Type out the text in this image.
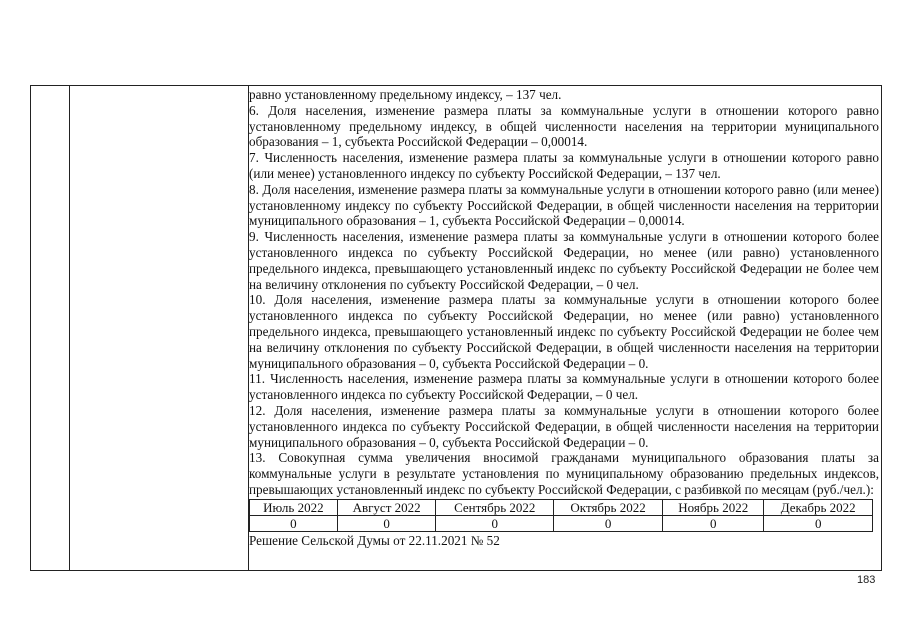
равно установленному предельному индексу, – 137 чел.

6. Доля населения, изменение размера платы за коммунальные услуги в отношении которого равно установленному предельному индексу, в общей численности населения на территории муниципального образования – 1, субъекта Российской Федерации – 0,00014.

7. Численность населения, изменение размера платы за коммунальные услуги в отношении которого равно (или менее) установленного индексу по субъекту Российской Федерации, – 137 чел.

8. Доля населения, изменение размера платы за коммунальные услуги в отношении которого равно (или менее) установленному индексу по субъекту Российской Федерации, в общей численности населения на территории муниципального образования – 1, субъекта Российской Федерации – 0,00014.

9. Численность населения, изменение размера платы за коммунальные услуги в отношении которого более установленного индекса по субъекту Российской Федерации, но менее (или равно) установленного предельного индекса, превышающего установленный индекс по субъекту Российской Федерации не более чем на величину отклонения по субъекту Российской Федерации, – 0 чел.

10. Доля населения, изменение размера платы за коммунальные услуги в отношении которого более установленного индекса по субъекту Российской Федерации, но менее (или равно) установленного предельного индекса, превышающего установленный индекс по субъекту Российской Федерации не более чем на величину отклонения по субъекту Российской Федерации, в общей численности населения на территории муниципального образования – 0, субъекта Российской Федерации – 0.

11. Численность населения, изменение размера платы за коммунальные услуги в отношении которого более установленного индекса по субъекту Российской Федерации, – 0 чел.

12. Доля населения, изменение размера платы за коммунальные услуги в отношении которого более установленного индекса по субъекту Российской Федерации, в общей численности населения на территории муниципального образования – 0, субъекта Российской Федерации – 0.

13. Совокупная сумма увеличения вносимой гражданами муниципального образования платы за коммунальные услуги в результате установления по муниципальному образованию предельных индексов, превышающих установленный индекс по субъекту Российской Федерации, с разбивкой по месяцам (руб./чел.):

Июль 2022	Август 2022	Сентябрь 2022	Октябрь 2022	Ноябрь 2022	Декабрь 2022
0	0	0	0	0	0
Решение Сельской Думы от 22.11.2021 № 52
183
